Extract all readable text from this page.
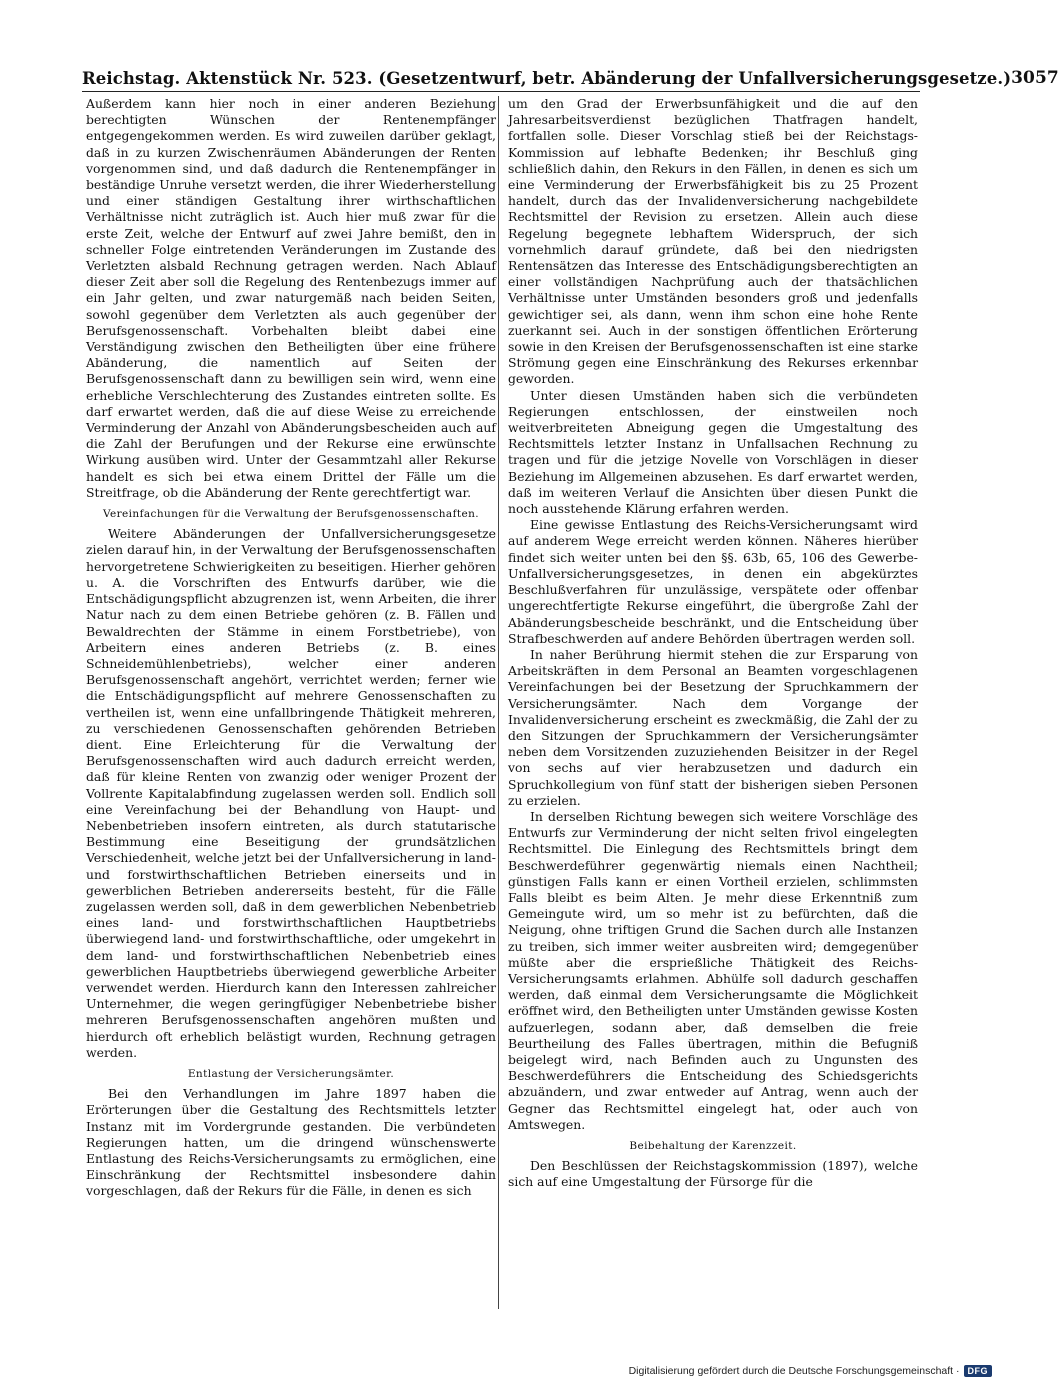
Reichstag. Aktenstück Nr. 523. (Gesetzentwurf, betr. Abänderung der Unfallversicherungsgesetze.) 3057

Außerdem kann hier noch in einer anderen Beziehung berechtigten Wünschen der Rentenempfänger entgegengekommen werden. Es wird zuweilen darüber geklagt, daß in zu kurzen Zwischenräumen Abänderungen der Renten vorgenommen sind, und daß dadurch die Rentenempfänger in beständige Unruhe versetzt werden, die ihrer Wiederherstellung und einer ständigen Gestaltung ihrer wirthschaftlichen Verhältnisse nicht zuträglich ist. Auch hier muß zwar für die erste Zeit, welche der Entwurf auf zwei Jahre bemißt, den in schneller Folge eintretenden Veränderungen im Zustande des Verletzten alsbald Rechnung getragen werden. Nach Ablauf dieser Zeit aber soll die Regelung des Rentenbezugs immer auf ein Jahr gelten, und zwar naturgemäß nach beiden Seiten, sowohl gegenüber dem Verletzten als auch gegenüber der Berufsgenossenschaft. Vorbehalten bleibt dabei eine Verständigung zwischen den Betheiligten über eine frühere Abänderung, die namentlich auf Seiten der Berufsgenossenschaft dann zu bewilligen sein wird, wenn eine erhebliche Verschlechterung des Zustandes eintreten sollte. Es darf erwartet werden, daß die auf diese Weise zu erreichende Verminderung der Anzahl von Abänderungsbescheiden auch auf die Zahl der Berufungen und der Rekurse eine erwünschte Wirkung ausüben wird. Unter der Gesammtzahl aller Rekurse handelt es sich bei etwa einem Drittel der Fälle um die Streitfrage, ob die Abänderung der Rente gerechtfertigt war.

Vereinfachungen für die Verwaltung der Berufsgenossenschaften.

Weitere Abänderungen der Unfallversicherungsgesetze zielen darauf hin, in der Verwaltung der Berufsgenossenschaften hervorgetretene Schwierigkeiten zu beseitigen. Hierher gehören u. A. die Vorschriften des Entwurfs darüber, wie die Entschädigungspflicht abzugrenzen ist, wenn Arbeiten, die ihrer Natur nach zu dem einen Betriebe gehören (z. B. Fällen und Bewaldrechten der Stämme in einem Forstbetriebe), von Arbeitern eines anderen Betriebs (z. B. eines Schneidemühlenbetriebs), welcher einer anderen Berufsgenossenschaft angehört, verrichtet werden; ferner wie die Entschädigungspflicht auf mehrere Genossenschaften zu vertheilen ist, wenn eine unfallbringende Thätigkeit mehreren, zu verschiedenen Genossenschaften gehörenden Betrieben dient. Eine Erleichterung für die Verwaltung der Berufsgenossenschaften wird auch dadurch erreicht werden, daß für kleine Renten von zwanzig oder weniger Prozent der Vollrente Kapitalabfindung zugelassen werden soll. Endlich soll eine Vereinfachung bei der Behandlung von Haupt- und Nebenbetrieben insofern eintreten, als durch statutarische Bestimmung eine Beseitigung der grundsätzlichen Verschiedenheit, welche jetzt bei der Unfallversicherung in land- und forstwirthschaftlichen Betrieben einerseits und in gewerblichen Betrieben andererseits besteht, für die Fälle zugelassen werden soll, daß in dem gewerblichen Nebenbetrieb eines land- und forstwirthschaftlichen Hauptbetriebs überwiegend land- und forstwirthschaftliche, oder umgekehrt in dem land- und forstwirthschaftlichen Nebenbetrieb eines gewerblichen Hauptbetriebs überwiegend gewerbliche Arbeiter verwendet werden. Hierdurch kann den Interessen zahlreicher Unternehmer, die wegen geringfügiger Nebenbetriebe bisher mehreren Berufsgenossenschaften angehören mußten und hierdurch oft erheblich belästigt wurden, Rechnung getragen werden.

Entlastung der Versicherungsämter.

Bei den Verhandlungen im Jahre 1897 haben die Erörterungen über die Gestaltung des Rechtsmittels letzter Instanz mit im Vordergrunde gestanden. Die verbündeten Regierungen hatten, um die dringend wünschenswerte Entlastung des Reichs-Versicherungsamts zu ermöglichen, eine Einschränkung der Rechtsmittel insbesondere dahin vorgeschlagen, daß der Rekurs für die Fälle, in denen es sich

um den Grad der Erwerbsunfähigkeit und die auf den Jahresarbeitsverdienst bezüglichen Thatfragen handelt, fortfallen solle. Dieser Vorschlag stieß bei der Reichstags-Kommission auf lebhafte Bedenken; ihr Beschluß ging schließlich dahin, den Rekurs in den Fällen, in denen es sich um eine Verminderung der Erwerbsfähigkeit bis zu 25 Prozent handelt, durch das der Invalidenversicherung nachgebildete Rechtsmittel der Revision zu ersetzen. Allein auch diese Regelung begegnete lebhaftem Widerspruch, der sich vornehmlich darauf gründete, daß bei den niedrigsten Rentensätzen das Interesse des Entschädigungsberechtigten an einer vollständigen Nachprüfung auch der thatsächlichen Verhältnisse unter Umständen besonders groß und jedenfalls gewichtiger sei, als dann, wenn ihm schon eine hohe Rente zuerkannt sei. Auch in der sonstigen öffentlichen Erörterung sowie in den Kreisen der Berufsgenossenschaften ist eine starke Strömung gegen eine Einschränkung des Rekurses erkennbar geworden.

Unter diesen Umständen haben sich die verbündeten Regierungen entschlossen, der einstweilen noch weitverbreiteten Abneigung gegen die Umgestaltung des Rechtsmittels letzter Instanz in Unfallsachen Rechnung zu tragen und für die jetzige Novelle von Vorschlägen in dieser Beziehung im Allgemeinen abzusehen. Es darf erwartet werden, daß im weiteren Verlauf die Ansichten über diesen Punkt die noch ausstehende Klärung erfahren werden.

Eine gewisse Entlastung des Reichs-Versicherungsamt wird auf anderem Wege erreicht werden können. Näheres hierüber findet sich weiter unten bei den §§. 63b, 65, 106 des Gewerbe-Unfallversicherungsgesetzes, in denen ein abgekürztes Beschlußverfahren für unzulässige, verspätete oder offenbar ungerechtfertigte Rekurse eingeführt, die übergroße Zahl der Abänderungsbescheide beschränkt, und die Entscheidung über Strafbeschwerden auf andere Behörden übertragen werden soll.

In naher Berührung hiermit stehen die zur Ersparung von Arbeitskräften in dem Personal an Beamten vorgeschlagenen Vereinfachungen bei der Besetzung der Spruchkammern der Versicherungsämter. Nach dem Vorgange der Invalidenversicherung erscheint es zweckmäßig, die Zahl der zu den Sitzungen der Spruchkammern der Versicherungsämter neben dem Vorsitzenden zuzuziehenden Beisitzer in der Regel von sechs auf vier herabzusetzen und dadurch ein Spruchkollegium von fünf statt der bisherigen sieben Personen zu erzielen.

In derselben Richtung bewegen sich weitere Vorschläge des Entwurfs zur Verminderung der nicht selten frivol eingelegten Rechtsmittel. Die Einlegung des Rechtsmittels bringt dem Beschwerdeführer gegenwärtig niemals einen Nachtheil; günstigen Falls kann er einen Vortheil erzielen, schlimmsten Falls bleibt es beim Alten. Je mehr diese Erkenntniß zum Gemeingute wird, um so mehr ist zu befürchten, daß die Neigung, ohne triftigen Grund die Sachen durch alle Instanzen zu treiben, sich immer weiter ausbreiten wird; demgegenüber müßte aber die ersprießliche Thätigkeit des Reichs-Versicherungsamts erlahmen. Abhülfe soll dadurch geschaffen werden, daß einmal dem Versicherungsamte die Möglichkeit eröffnet wird, den Betheiligten unter Umständen gewisse Kosten aufzuerlegen, sodann aber, daß demselben die freie Beurtheilung des Falles übertragen, mithin die Befugniß beigelegt wird, nach Befinden auch zu Ungunsten des Beschwerdeführers die Entscheidung des Schiedsgerichts abzuändern, und zwar entweder auf Antrag, wenn auch der Gegner das Rechtsmittel eingelegt hat, oder auch von Amtswegen.

Beibehaltung der Karenzzeit.

Den Beschlüssen der Reichstagskommission (1897), welche sich auf eine Umgestaltung der Fürsorge für die

Digitalisierung gefördert durch die Deutsche Forschungsgemeinschaft · DFG
